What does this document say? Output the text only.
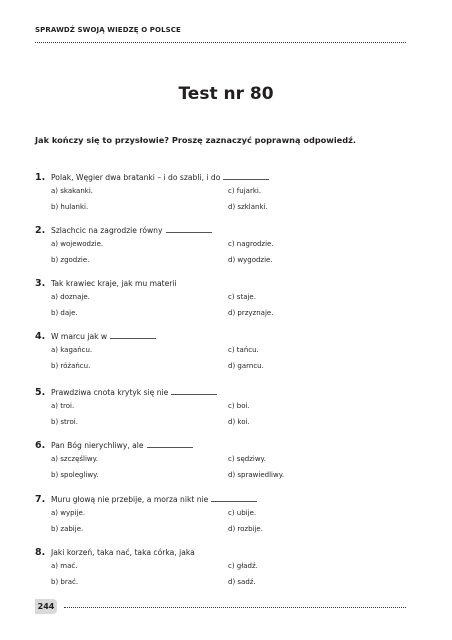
SPRAWDŹ SWOJĄ WIEDZĘ O POLSCE
Test nr 80
Jak kończy się to przysłowie? Proszę zaznaczyć poprawną odpowiedź.
1. Polak, Węgier dwa bratanki – i do szabli, i do
a) skakanki.
b) hulanki.
c) fujarki.
d) szklanki.
2. Szlachcic na zagrodzie równy
a) wojewodzie.
b) zgodzie.
c) nagrodzie.
d) wygodzie.
3. Tak krawiec kraje, jak mu materii
a) doznaje.
b) daje.
c) staje.
d) przyznaje.
4. W marcu jak w
a) kagańcu.
b) różańcu.
c) tańcu.
d) garncu.
5. Prawdziwa cnota krytyk się nie
a) troi.
b) stroi.
c) boi.
d) koi.
6. Pan Bóg nierychliwy, ale
a) szczęśliwy.
b) spolegliwy.
c) sędziwy.
d) sprawiedliwy.
7. Muru głową nie przebije, a morza nikt nie
a) wypije.
b) zabije.
c) ubije.
d) rozbije.
8. Jaki korzeń, taka nać, taka córka, jaka
a) mać.
b) brać.
c) gładź.
d) sadź.
244
